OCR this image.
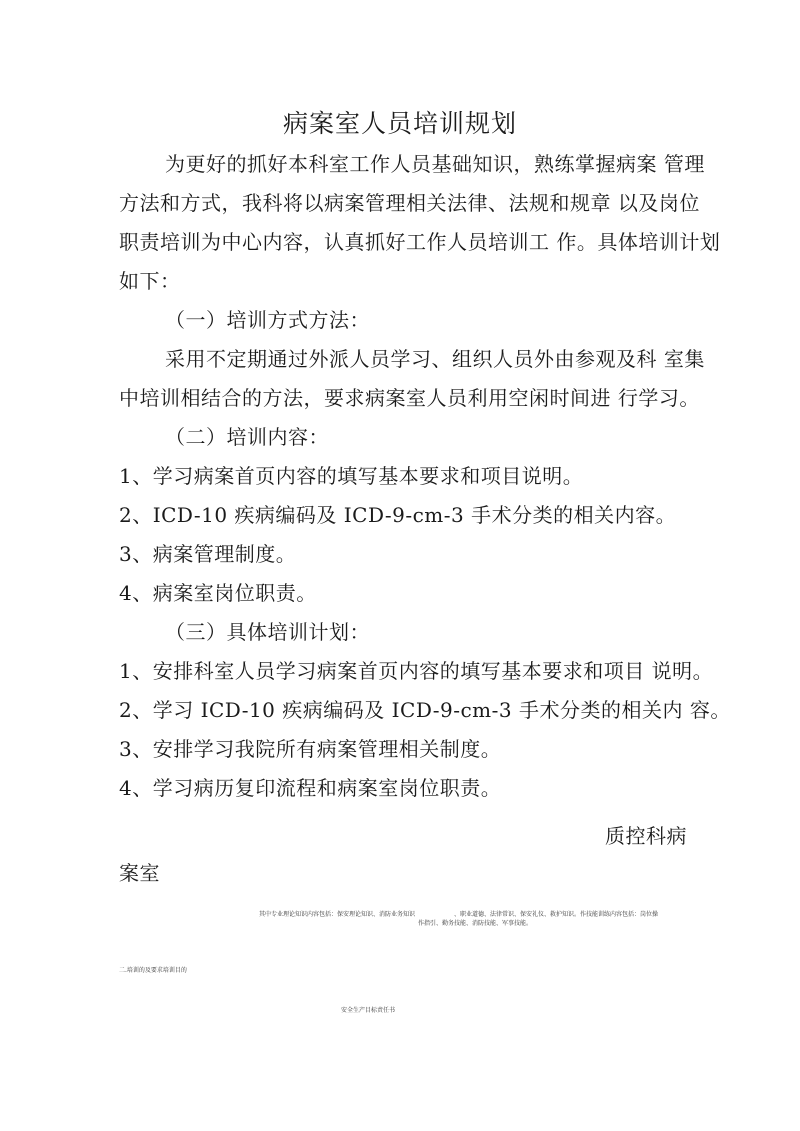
病案室人员培训规划
为更好的抓好本科室工作人员基础知识，熟练掌握病案 管理
方法和方式，我科将以病案管理相关法律、法规和规章 以及岗位
职责培训为中心内容，认真抓好工作人员培训工 作。具体培训计划
如下：
（一）培训方式方法：
采用不定期通过外派人员学习、组织人员外由参观及科 室集
中培训相结合的方法，要求病案室人员利用空闲时间进 行学习。
（二）培训内容：
1、学习病案首页内容的填写基本要求和项目说明。
2、ICD-10 疾病编码及 ICD-9-cm-3 手术分类的相关内容。
3、病案管理制度。
4、病案室岗位职责。
（三）具体培训计划：
1、安排科室人员学习病案首页内容的填写基本要求和项目 说明。
2、学习 ICD-10 疾病编码及 ICD-9-cm-3 手术分类的相关内 容。
3、安排学习我院所有病案管理相关制度。
4、学习病历复印流程和病案室岗位职责。
质控科病
案室
其中专业理论知识内容包括：保安理论知识、消防业务知识	、职业道德、法律常识、保安礼仪、救护知识。作技能训练内容包括：岗位操
作指引、勤务技能、消防技能、军事技能。
二.培训的及要求培训目的
安全生产目标责任书
